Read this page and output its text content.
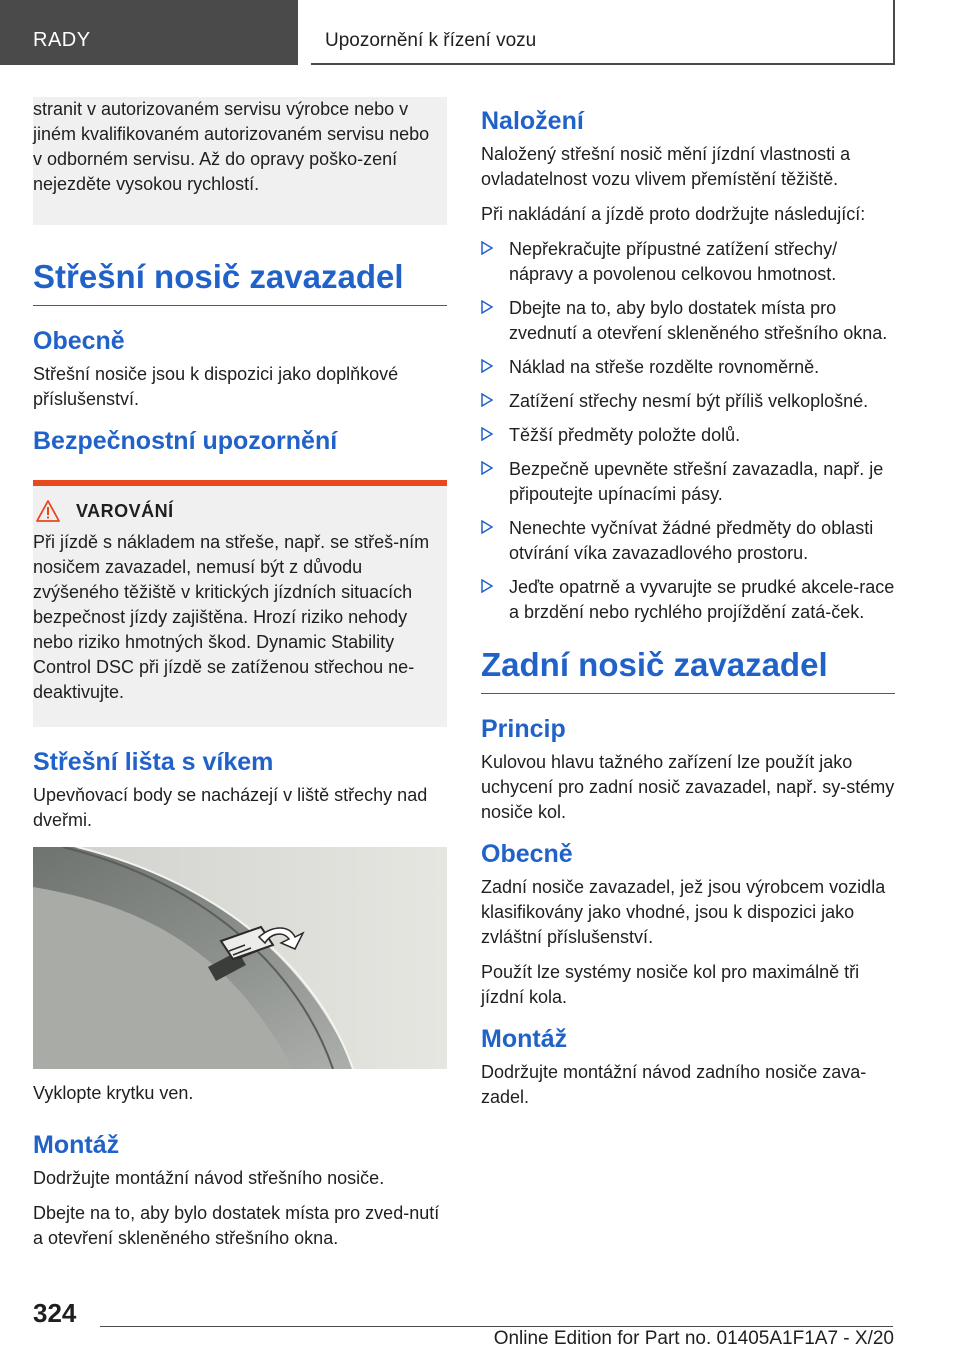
RADY	Upozornění k řízení vozu

stranit v autorizovaném servisu výrobce nebo v jiném kvalifikovaném autorizovaném servisu nebo v odborném servisu. Až do opravy poško‐zení nejezděte vysokou rychlostí.

Střešní nosič zavazadel
Obecně

Střešní nosiče jsou k dispozici jako doplňkové příslušenství.

Bezpečnostní upozornění
VAROVÁNÍ

Při jízdě s nákladem na střeše, např. se střeš‐ním nosičem zavazadel, nemusí být z důvodu zvýšeného těžiště v kritických jízdních situacích bezpečnost jízdy zajištěna. Hrozí riziko nehody nebo riziko hmotných škod. Dynamic Stability Control DSC při jízdě se zatíženou střechou ne‐deaktivujte.

Střešní lišta s víkem

Upevňovací body se nacházejí v liště střechy nad dveřmi.

Vyklopte krytku ven.

Montáž

Dodržujte montážní návod střešního nosiče.

Dbejte na to, aby bylo dostatek místa pro zved‐nutí a otevření skleněného střešního okna.

Naložení

Naložený střešní nosič mění jízdní vlastnosti a ovladatelnost vozu vlivem přemístění těžiště.

Při nakládání a jízdě proto dodržujte následující:

Nepřekračujte přípustné zatížení střechy/ nápravy a povolenou celkovou hmotnost.
Dbejte na to, aby bylo dostatek místa pro zvednutí a otevření skleněného střešního okna.
Náklad na střeše rozdělte rovnoměrně.
Zatížení střechy nesmí být příliš velkoplošné.
Těžší předměty položte dolů.
Bezpečně upevněte střešní zavazadla, např. je připoutejte upínacími pásy.
Nenechte vyčnívat žádné předměty do oblasti otvírání víka zavazadlového prostoru.
Jeďte opatrně a vyvarujte se prudké akcele‐race a brzdění nebo rychlého projíždění zatá‐ček.
Zadní nosič zavazadel
Princip

Kulovou hlavu tažného zařízení lze použít jako uchycení pro zadní nosič zavazadel, např. sy‐stémy nosiče kol.

Obecně

Zadní nosiče zavazadel, jež jsou výrobcem vozidla klasifikovány jako vhodné, jsou k dispozici jako zvláštní příslušenství.

Použít lze systémy nosiče kol pro maximálně tři jízdní kola.

Montáž

Dodržujte montážní návod zadního nosiče zava‐zadel.

324
Online Edition for Part no. 01405A1F1A7 - X/20
